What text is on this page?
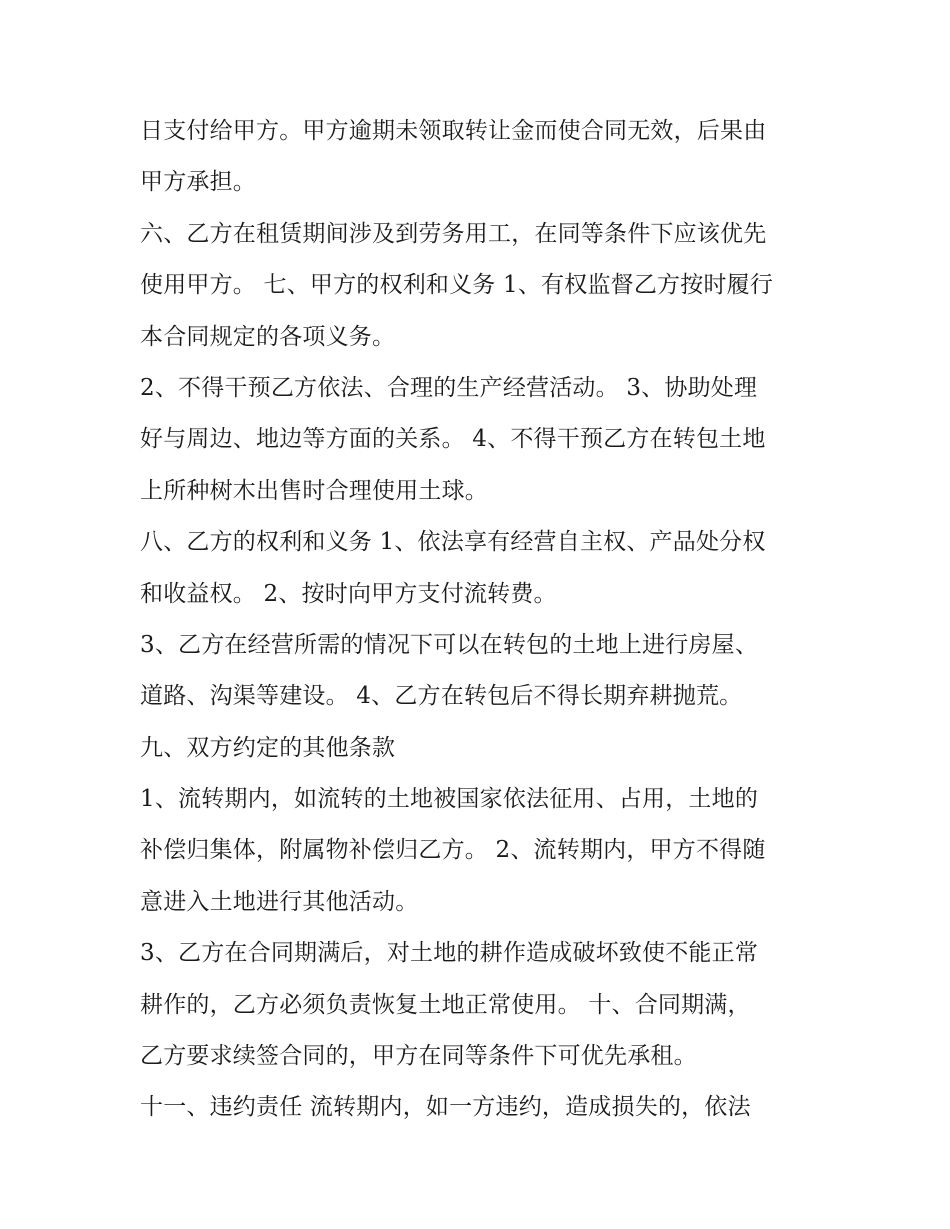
日支付给甲方。甲方逾期未领取转让金而使合同无效，后果由
甲方承担。
六、乙方在租赁期间涉及到劳务用工，在同等条件下应该优先
使用甲方。 七、甲方的权利和义务 1、有权监督乙方按时履行
本合同规定的各项义务。
2、不得干预乙方依法、合理的生产经营活动。 3、协助处理
好与周边、地边等方面的关系。 4、不得干预乙方在转包土地
上所种树木出售时合理使用土球。
八、乙方的权利和义务 1、依法享有经营自主权、产品处分权
和收益权。 2、按时向甲方支付流转费。
3、乙方在经营所需的情况下可以在转包的土地上进行房屋、
道路、沟渠等建设。 4、乙方在转包后不得长期弃耕抛荒。
九、双方约定的其他条款
1、流转期内，如流转的土地被国家依法征用、占用，土地的
补偿归集体，附属物补偿归乙方。 2、流转期内，甲方不得随
意进入土地进行其他活动。
3、乙方在合同期满后，对土地的耕作造成破坏致使不能正常
耕作的，乙方必须负责恢复土地正常使用。 十、合同期满，
乙方要求续签合同的，甲方在同等条件下可优先承租。
十一、违约责任 流转期内，如一方违约，造成损失的，依法
